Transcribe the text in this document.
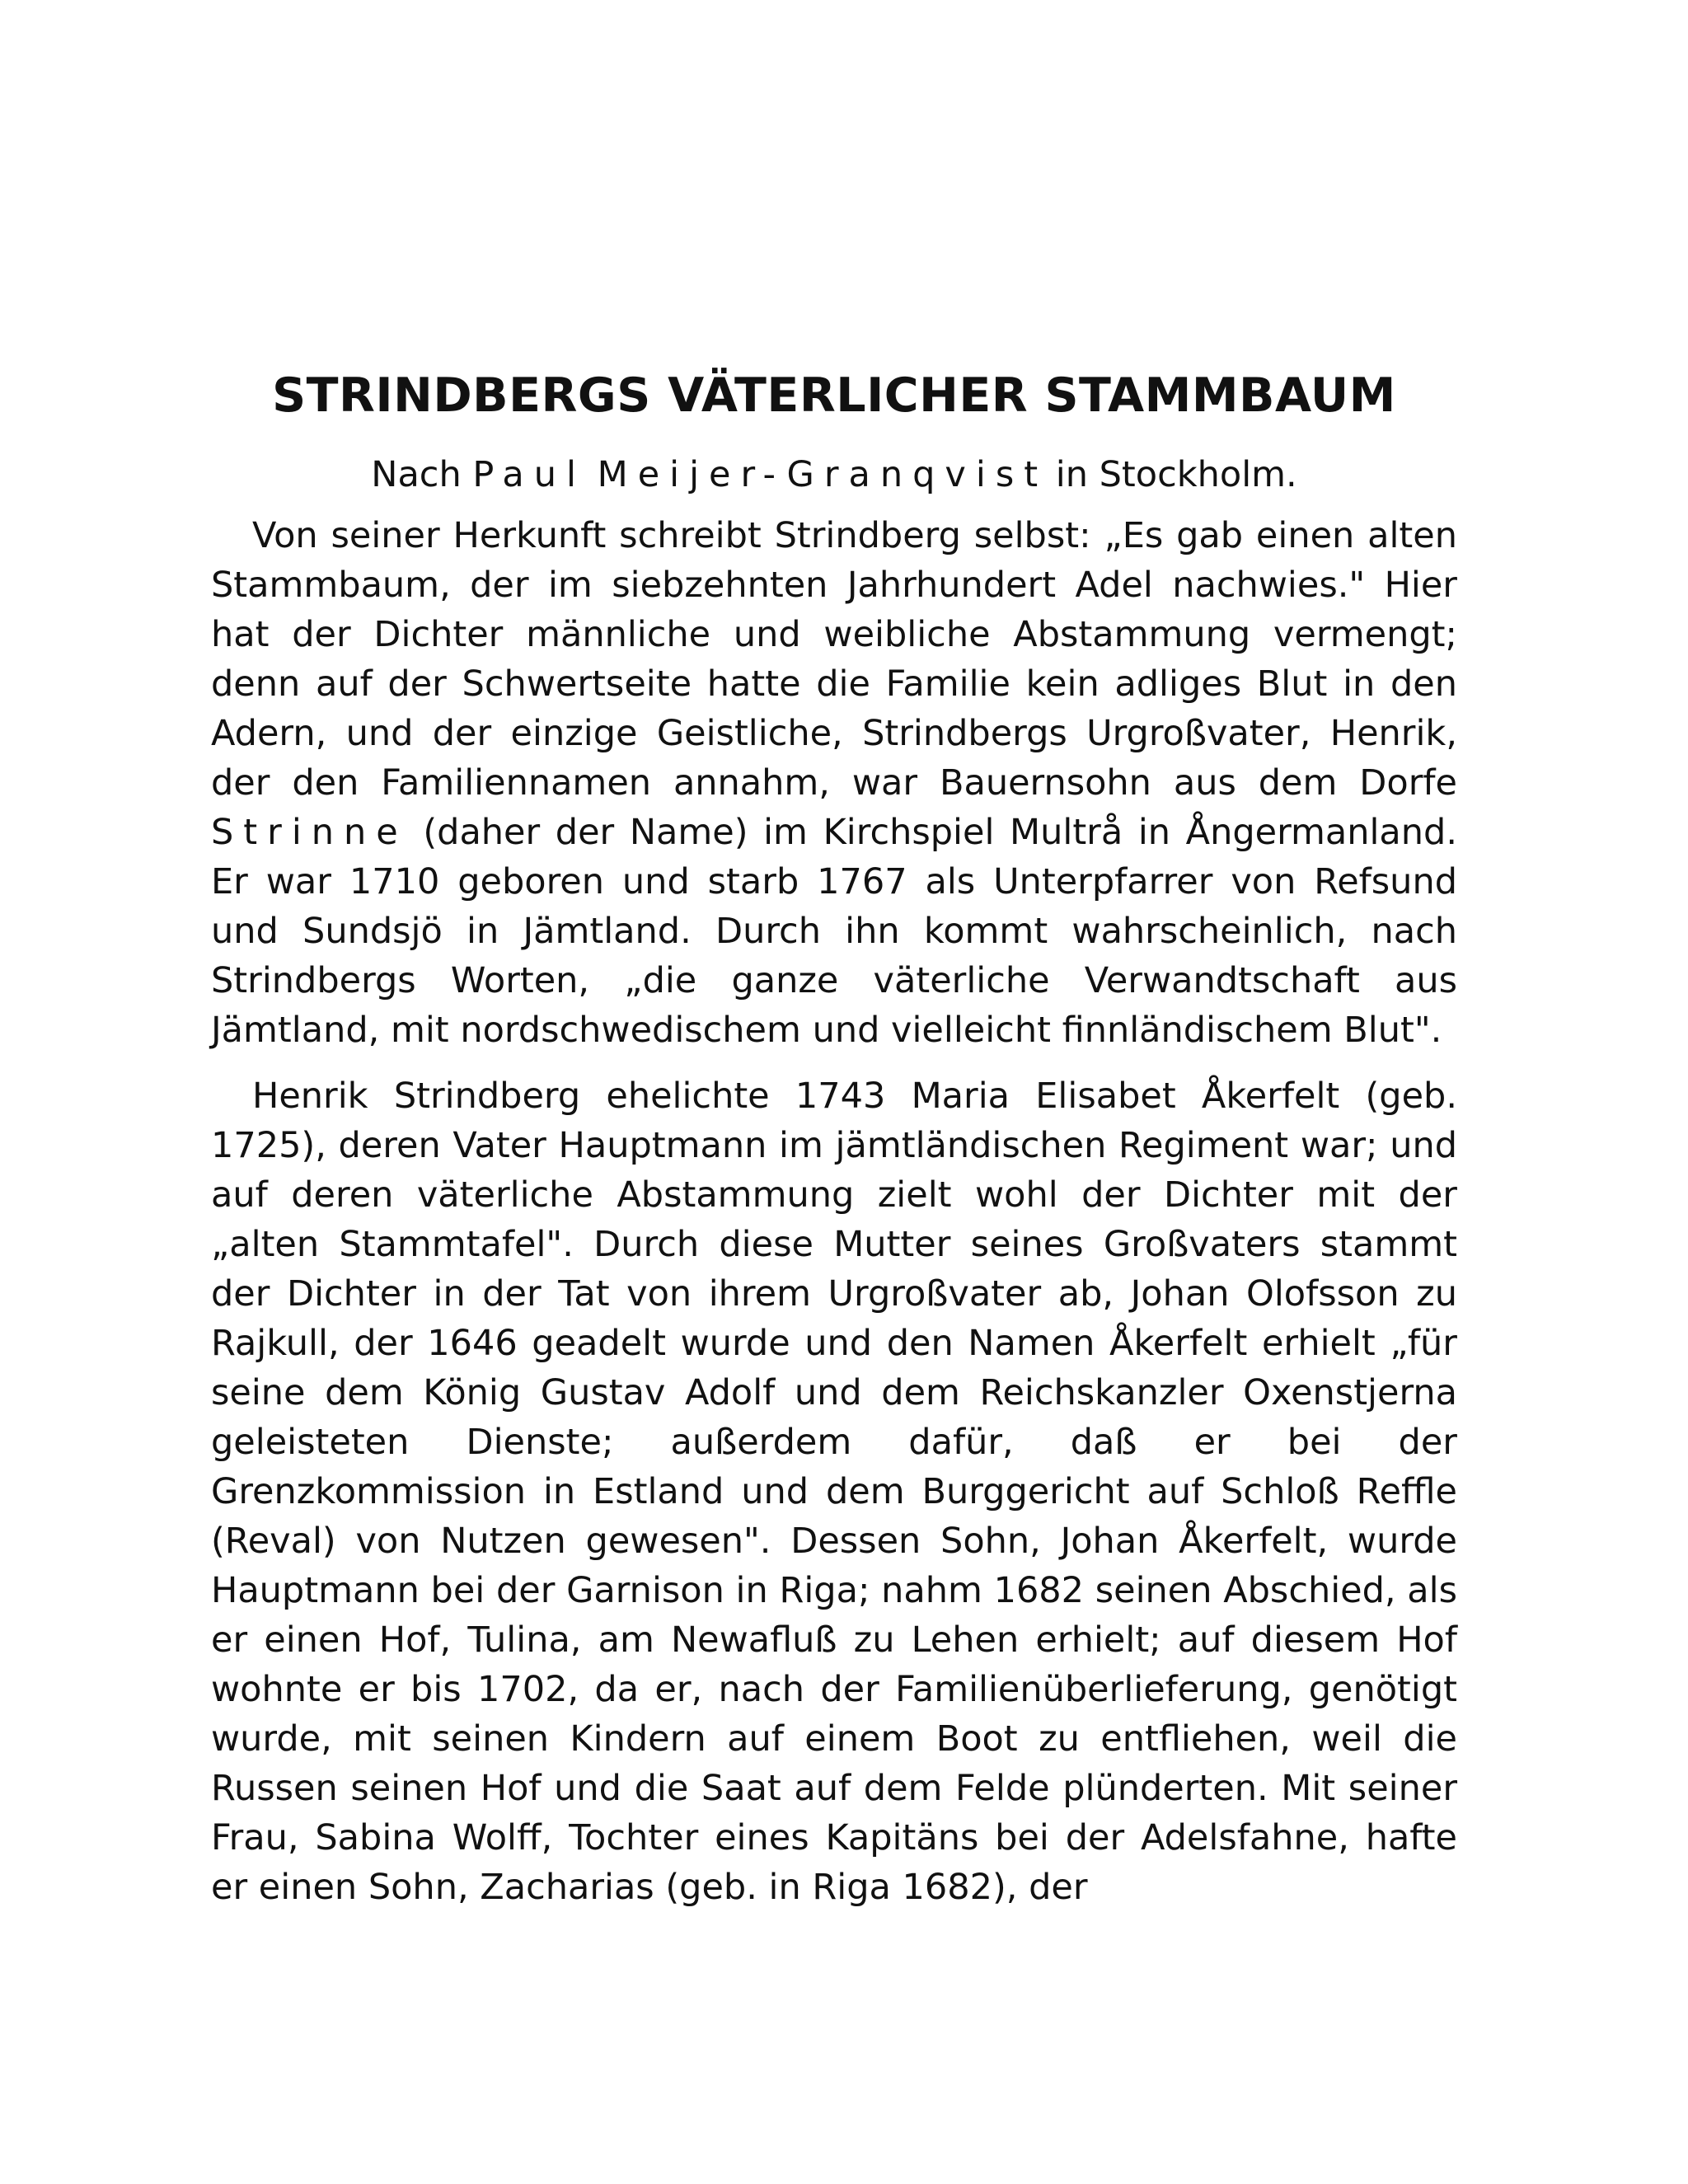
STRINDBERGS VÄTERLICHER STAMMBAUM

Nach Paul Meijer-Granqvist in Stockholm.

Von seiner Herkunft schreibt Strindberg selbst: „Es gab einen alten Stammbaum, der im siebzehnten Jahrhundert Adel nachwies." Hier hat der Dichter männliche und weibliche Abstammung vermengt; denn auf der Schwertseite hatte die Familie kein adliges Blut in den Adern, und der einzige Geistliche, Strindbergs Urgroßvater, Henrik, der den Familiennamen annahm, war Bauernsohn aus dem Dorfe Strinne (daher der Name) im Kirchspiel Multrå in Ångermanland. Er war 1710 geboren und starb 1767 als Unterpfarrer von Refsund und Sundsjö in Jämtland. Durch ihn kommt wahrscheinlich, nach Strindbergs Worten, „die ganze väterliche Verwandtschaft aus Jämtland, mit nordschwedischem und vielleicht finnländischem Blut".

Henrik Strindberg ehelichte 1743 Maria Elisabet Åkerfelt (geb. 1725), deren Vater Hauptmann im jämtländischen Regiment war; und auf deren väterliche Abstammung zielt wohl der Dichter mit der „alten Stammtafel". Durch diese Mutter seines Großvaters stammt der Dichter in der Tat von ihrem Urgroßvater ab, Johan Olofsson zu Rajkull, der 1646 geadelt wurde und den Namen Åkerfelt erhielt „für seine dem König Gustav Adolf und dem Reichskanzler Oxenstjerna geleisteten Dienste; außerdem dafür, daß er bei der Grenzkommission in Estland und dem Burggericht auf Schloß Reffle (Reval) von Nutzen gewesen". Dessen Sohn, Johan Åkerfelt, wurde Hauptmann bei der Garnison in Riga; nahm 1682 seinen Abschied, als er einen Hof, Tulina, am Newafluß zu Lehen erhielt; auf diesem Hof wohnte er bis 1702, da er, nach der Familienüberlieferung, genötigt wurde, mit seinen Kindern auf einem Boot zu entfliehen, weil die Russen seinen Hof und die Saat auf dem Felde plünderten. Mit seiner Frau, Sabina Wolff, Tochter eines Kapitäns bei der Adelsfahne, hafte er einen Sohn, Zacharias (geb. in Riga 1682), der
